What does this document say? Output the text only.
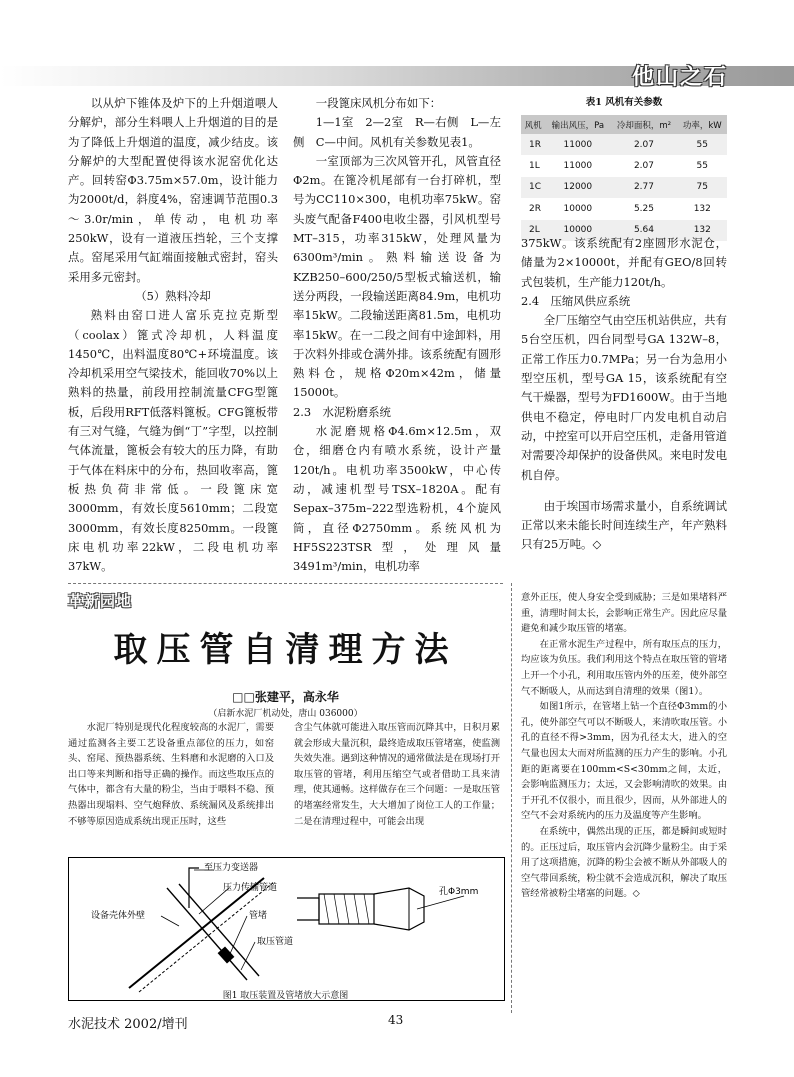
他山之石

以从炉下锥体及炉下的上升烟道喂人分解炉，部分生料喂人上升烟道的目的是为了降低上升烟道的温度，减少结皮。该分解炉的大型配置使得该水泥窑优化达产。回转窑Φ3.75m×57.0m，设计能力为2000t/d，斜度4%，窑速调节范围0.3～3.0r/min，单传动，电机功率250kW，设有一道液压挡轮，三个支撑点。窑尾采用气缸端面接触式密封，窑头采用多元密封。

（5）熟料冷却

熟料由窑口进人富乐克拉克斯型（coolax）篦式冷却机，人料温度1450℃，出料温度80℃+环境温度。该冷却机采用空气梁技术，能回收70%以上熟料的热量，前段用控制流量CFG型篦板，后段用RFT低落料篦板。CFG篦板带有三对气缝，气缝为倒“丁”字型，以控制气体流量，篦板会有较大的压力降，有助于气体在料床中的分布，热回收率高，篦板热负荷非常低。一段篦床宽3000mm，有效长度5610mm；二段宽3000mm，有效长度8250mm。一段篦床电机功率22kW，二段电机功率37kW。

一段篦床风机分布如下：

1—1室　2—2室　R—右侧　L—左侧　C—中间。风机有关参数见表1。

一室顶部为三次风管开孔，风管直径Φ2m。在篦冷机尾部有一台打碎机，型号为CC110×300，电机功率75kW。窑头废气配备F400电收尘器，引风机型号MT–315，功率315kW，处理风量为6300m³/min。熟料输送设备为KZB250–600/250/5型板式输送机，输送分两段，一段输送距离84.9m，电机功率15kW。二段输送距离81.5m，电机功率15kW。在一二段之间有中途卸料，用于次料外排或仓满外排。该系统配有圆形熟料仓，规格Φ20m×42m，储量15000t。

2.3　水泥粉磨系统

水泥磨规格Φ4.6m×12.5m，双仓，细磨仓内有喷水系统，设计产量120t/h。电机功率3500kW，中心传动，减速机型号TSX–1820A。配有Sepax–375m–222型选粉机，4个旋风筒，直径Φ2750mm。系统风机为HF5S223TSR型，处理风量3491m³/min，电机功率

表1 风机有关参数
风机	输出风压，Pa	冷却面积，m²	功率，kW
1R	11000	2.07	55
1L	11000	2.07	55
1C	12000	2.77	75
2R	10000	5.25	132
2L	10000	5.64	132

375kW。该系统配有2座圆形水泥仓，储量为2×10000t，并配有GEO/8回转式包装机，生产能力120t/h。

2.4　压缩风供应系统

全厂压缩空气由空压机站供应，共有5台空压机，四台同型号GA 132W–8，正常工作压力0.7MPa；另一台为急用小型空压机，型号GA 15，该系统配有空气干燥器，型号为FD1600W。由于当地供电不稳定，停电时厂内发电机自动启动，中控室可以开启空压机，走备用管道对需要冷却保护的设备供风。来电时发电机自停。

由于埃国市场需求量小，自系统调试正常以来未能长时间连续生产，年产熟料只有25万吨。◇

革新园地
取压管自清理方法
□□张建平，高永华
（启新水泥厂机动处，唐山 036000）

水泥厂特别是现代化程度较高的水泥厂，需要通过监测各主要工艺设备重点部位的压力，如窑头、窑尾、预热器系统、生料磨和水泥磨的入口及出口等来判断和指导正确的操作。而这些取压点的气体中，都含有大量的粉尘，当由于喂料不稳、预热器出现塌料、空气炮释放、系统漏风及系统排出不够等原因造成系统出现正压时，这些

含尘气体就可能进入取压管而沉降其中，日积月累就会形成大量沉积，最终造成取压管堵塞，使监测失效失准。遇到这种情况的通常做法是在现场打开取压管的管堵，利用压缩空气或者借助工具来清理，使其通畅。这样做存在三个问题：一是取压管的堵塞经常发生，大大增加了岗位工人的工作量；二是在清理过程中，可能会出现

意外正压，使人身安全受到威胁；三是如果堵料严重，清理时间太长，会影响正常生产。因此应尽量避免和减少取压管的堵塞。

在正常水泥生产过程中，所有取压点的压力，均应该为负压。我们利用这个特点在取压管的管堵上开一个小孔，利用取压管内外的压差，使外部空气不断吸人，从而达到自清理的效果（图1）。

如图1所示，在管堵上钻一个直径Φ3mm的小孔，使外部空气可以不断吸人，来清吹取压管。小孔的直径不得>3mm，因为孔径太大，进入的空气量也因太大而对所监测的压力产生的影响。小孔距的距离要在100mm<S<30mm之间，太近，会影响监测压力；太远，又会影响清吹的效果。由于开孔不仅很小，而且很少，因而，从外部进人的空气不会对系统内的压力及温度等产生影响。

在系统中，偶然出现的正压，都是瞬间或短时的。正压过后，取压管内会沉降少量粉尘。由于采用了这项措施，沉降的粉尘会被不断从外部吸人的空气带回系统，粉尘就不会造成沉积，解决了取压管经常被粉尘堵塞的问题。◇

至压力变送器
压力传输管道
设备壳体外壁	管堵
取压管道
孔Φ3mm
图1 取压装置及管堵放大示意图
水泥技术 2002/增刊	43
